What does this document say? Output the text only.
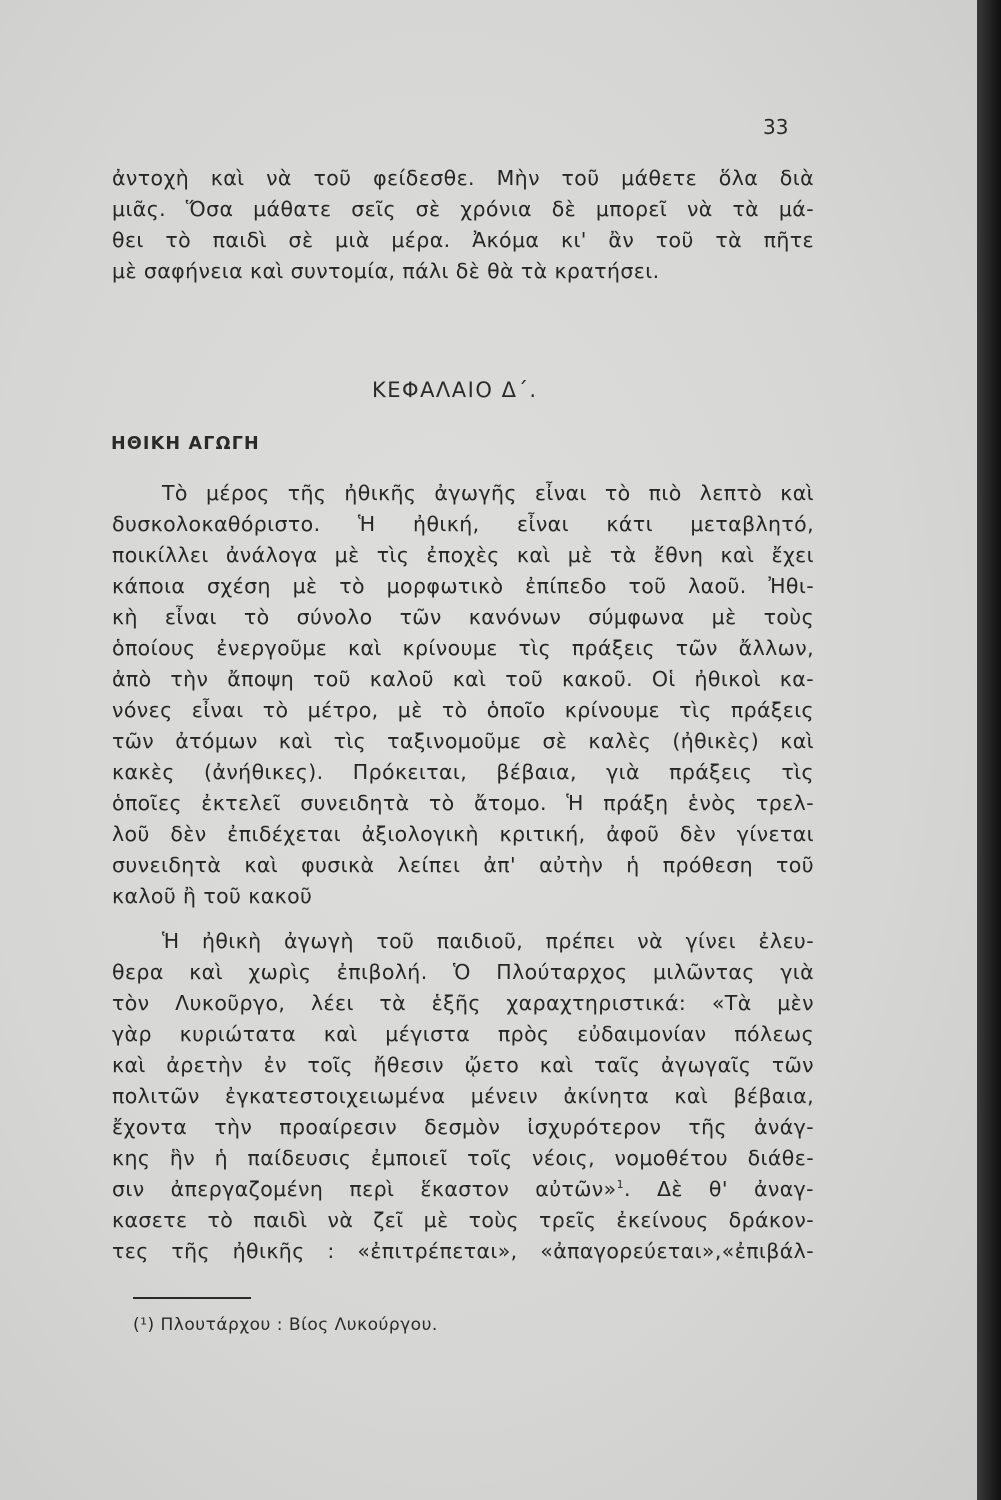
33
ἀντοχὴ καὶ νὰ τοῦ φείδεσθε. Μὴν τοῦ μάθετε ὅλα διὰ
μιᾶς. Ὅσα μάθατε σεῖς σὲ χρόνια δὲ μπορεῖ νὰ τὰ μά-
θει τὸ παιδὶ σὲ μιὰ μέρα. Ἀκόμα κι' ἂν τοῦ τὰ πῆτε
μὲ σαφήνεια καὶ συντομία, πάλι δὲ θὰ τὰ κρατήσει.
ΚΕΦΑΛΑΙΟ Δ΄.
ΗΘΙΚΗ ΑΓΩΓΗ
Τὸ μέρος τῆς ἠθικῆς ἀγωγῆς εἶναι τὸ πιὸ λεπτὸ καὶ
δυσκολοκαθόριστο. Ἡ ἠθική, εἶναι κάτι μεταβλητό,
ποικίλλει ἀνάλογα μὲ τὶς ἐποχὲς καὶ μὲ τὰ ἔθνη καὶ ἔχει
κάποια σχέση μὲ τὸ μορφωτικὸ ἐπίπεδο τοῦ λαοῦ. Ἠθι-
κὴ εἶναι τὸ σύνολο τῶν κανόνων σύμφωνα μὲ τοὺς
ὁποίους ἐνεργοῦμε καὶ κρίνουμε τὶς πράξεις τῶν ἄλλων,
ἀπὸ τὴν ἄποψη τοῦ καλοῦ καὶ τοῦ κακοῦ. Οἱ ἠθικοὶ κα-
νόνες εἶναι τὸ μέτρο, μὲ τὸ ὁποῖο κρίνουμε τὶς πράξεις
τῶν ἀτόμων καὶ τὶς ταξινομοῦμε σὲ καλὲς (ἠθικὲς) καὶ
κακὲς (ἀνήθικες). Πρόκειται, βέβαια, γιὰ πράξεις τὶς
ὁποῖες ἐκτελεῖ συνειδητὰ τὸ ἄτομο. Ἡ πράξη ἑνὸς τρελ-
λοῦ δὲν ἐπιδέχεται ἀξιολογικὴ κριτική, ἀφοῦ δὲν γίνεται
συνειδητὰ καὶ φυσικὰ λείπει ἀπ' αὐτὴν ἡ πρόθεση τοῦ
καλοῦ ἢ τοῦ κακοῦ
Ἡ ἠθικὴ ἀγωγὴ τοῦ παιδιοῦ, πρέπει νὰ γίνει ἐλευ-
θερα καὶ χωρὶς ἐπιβολή. Ὁ Πλούταρχος μιλῶντας γιὰ
τὸν Λυκοῦργο, λέει τὰ ἑξῆς χαραχτηριστικά: «Τὰ μὲν
γὰρ κυριώτατα καὶ μέγιστα πρὸς εὐδαιμονίαν πόλεως
καὶ ἀρετὴν ἐν τοῖς ἤθεσιν ᾤετο καὶ ταῖς ἀγωγαῖς τῶν
πολιτῶν ἐγκατεστοιχειωμένα μένειν ἀκίνητα καὶ βέβαια,
ἔχοντα τὴν προαίρεσιν δεσμὸν ἰσχυρότερον τῆς ἀνάγ-
κης ἣν ἡ παίδευσις ἐμποιεῖ τοῖς νέοις, νομοθέτου διάθε-
σιν ἀπεργαζομένη περὶ ἕκαστον αὐτῶν»$^1$. Δὲ θ' ἀναγ-
κασετε τὸ παιδὶ νὰ ζεῖ μὲ τοὺς τρεῖς ἐκείνους δράκον-
τες τῆς ἠθικῆς : «ἐπιτρέπεται», «ἀπαγορεύεται»,«ἐπιβάλ-
(¹) Πλουτάρχου : Βίος Λυκούργου.
